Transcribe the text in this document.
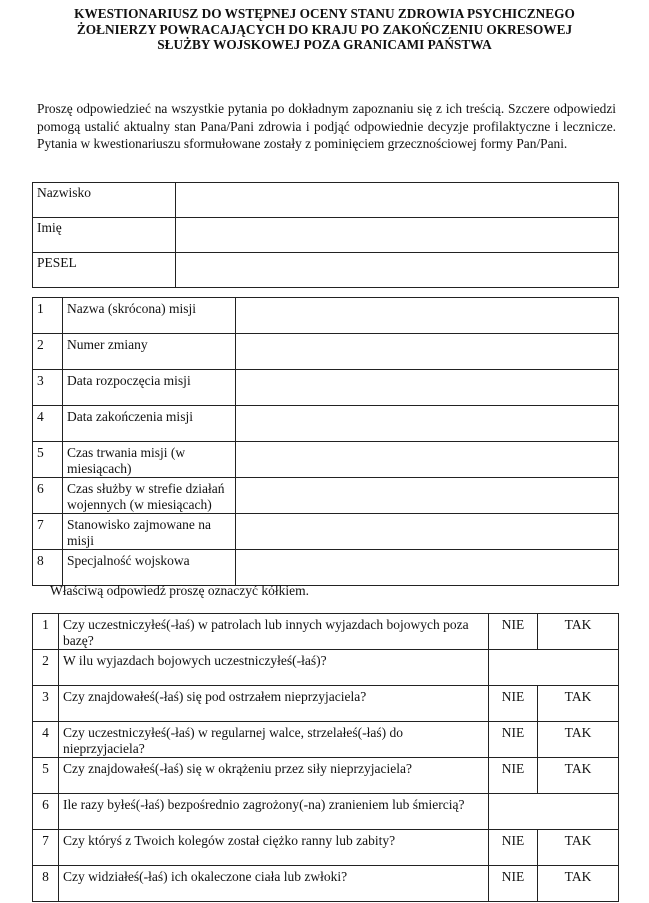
KWESTIONARIUSZ DO WSTĘPNEJ OCENY STANU ZDROWIA PSYCHICZNEGO
ŻOŁNIERZY POWRACAJĄCYCH DO KRAJU PO ZAKOŃCZENIU OKRESOWEJ
SŁUŻBY WOJSKOWEJ POZA GRANICAMI PAŃSTWA

Proszę odpowiedzieć na wszystkie pytania po dokładnym zapoznaniu się z ich treścią. Szczere odpowiedzi pomogą ustalić aktualny stan Pana/Pani zdrowia i podjąć odpowiednie decyzje profilaktyczne i lecznicze. Pytania w kwestionariuszu sformułowane zostały z pominięciem grzecznościowej formy Pan/Pani.

Nazwisko	
Imię	
PESEL	
1	Nazwa (skrócona) misji	
2	Numer zmiany	
3	Data rozpoczęcia misji	
4	Data zakończenia misji	
5	Czas trwania misji (w miesiącach)	
6	Czas służby w strefie działań wojennych (w miesiącach)	
7	Stanowisko zajmowane na misji	
8	Specjalność wojskowa	

Właściwą odpowiedź proszę oznaczyć kółkiem.

1	Czy uczestniczyłeś(-łaś) w patrolach lub innych wyjazdach bojowych poza bazę?	NIE	TAK
2	W ilu wyjazdach bojowych uczestniczyłeś(-łaś)?		
3	Czy znajdowałeś(-łaś) się pod ostrzałem nieprzyjaciela?	NIE	TAK
4	Czy uczestniczyłeś(-łaś) w regularnej walce, strzelałeś(-łaś) do nieprzyjaciela?	NIE	TAK
5	Czy znajdowałeś(-łaś) się w okrążeniu przez siły nieprzyjaciela?	NIE	TAK
6	Ile razy byłeś(-łaś) bezpośrednio zagrożony(-na) zranieniem lub śmiercią?		
7	Czy któryś z Twoich kolegów został ciężko ranny lub zabity?	NIE	TAK
8	Czy widziałeś(-łaś) ich okaleczone ciała lub zwłoki?	NIE	TAK
